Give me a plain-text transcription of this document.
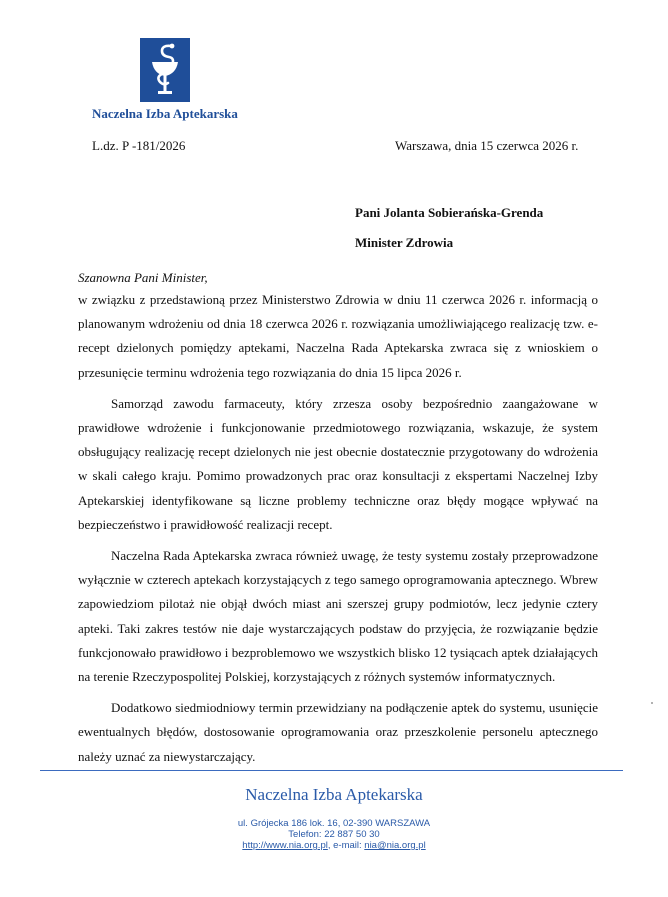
Naczelna Izba Aptekarska
L.dz. P -181/2026	Warszawa, dnia 15 czerwca 2026 r.
Pani Jolanta Sobierańska-Grenda
Minister Zdrowia
Szanowna Pani Minister,

w związku z przedstawioną przez Ministerstwo Zdrowia w dniu 11 czerwca 2026 r. informacją o planowanym wdrożeniu od dnia 18 czerwca 2026 r. rozwiązania umożliwiającego realizację tzw. e-recept dzielonych pomiędzy aptekami, Naczelna Rada Aptekarska zwraca się z wnioskiem o przesunięcie terminu wdrożenia tego rozwiązania do dnia 15 lipca 2026 r.

Samorząd zawodu farmaceuty, który zrzesza osoby bezpośrednio zaangażowane w prawidłowe wdrożenie i funkcjonowanie przedmiotowego rozwiązania, wskazuje, że system obsługujący realizację recept dzielonych nie jest obecnie dostatecznie przygotowany do wdrożenia w skali całego kraju. Pomimo prowadzonych prac oraz konsultacji z ekspertami Naczelnej Izby Aptekarskiej identyfikowane są liczne problemy techniczne oraz błędy mogące wpływać na bezpieczeństwo i prawidłowość realizacji recept.

Naczelna Rada Aptekarska zwraca również uwagę, że testy systemu zostały przeprowadzone wyłącznie w czterech aptekach korzystających z tego samego oprogramowania aptecznego. Wbrew zapowiedziom pilotaż nie objął dwóch miast ani szerszej grupy podmiotów, lecz jedynie cztery apteki. Taki zakres testów nie daje wystarczających podstaw do przyjęcia, że rozwiązanie będzie funkcjonowało prawidłowo i bezproblemowo we wszystkich blisko 12 tysiącach aptek działających na terenie Rzeczypospolitej Polskiej, korzystających z różnych systemów informatycznych.

Dodatkowo siedmiodniowy termin przewidziany na podłączenie aptek do systemu, usunięcie ewentualnych błędów, dostosowanie oprogramowania oraz przeszkolenie personelu aptecznego należy uznać za niewystarczający.

Naczelna Izba Aptekarska
ul. Grójecka 186 lok. 16, 02-390 WARSZAWA
Telefon: 22 887 50 30
http://www.nia.org.pl, e-mail: nia@nia.org.pl
